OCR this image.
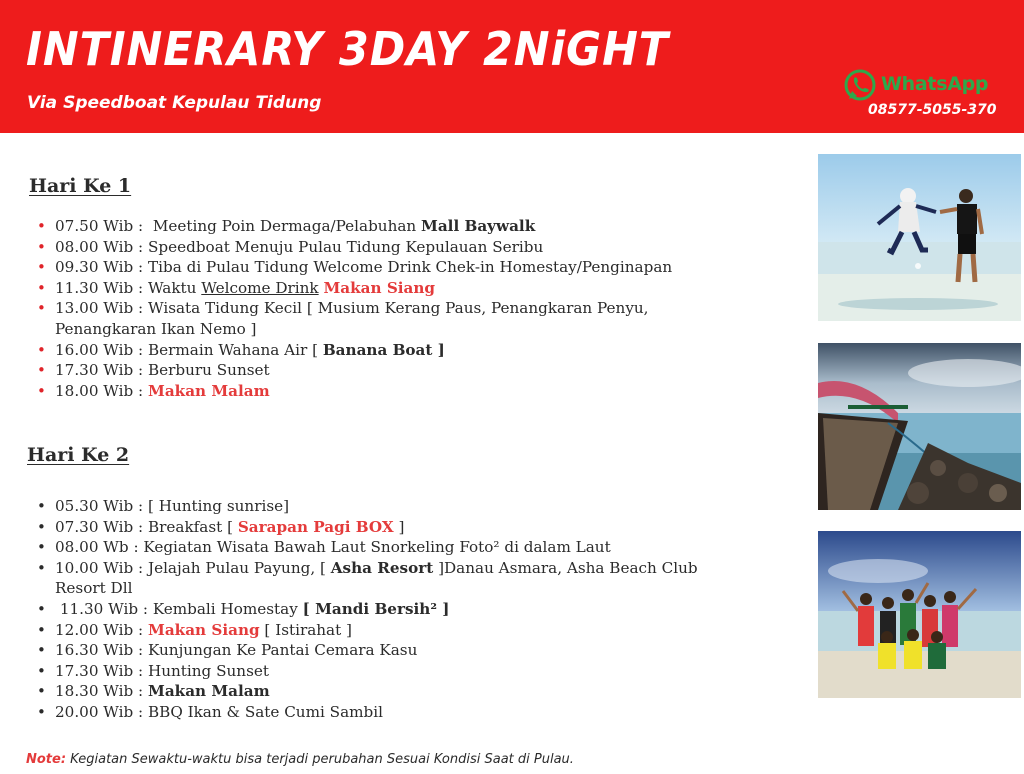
INTINERARY 3DAY 2NiGHT
Via Speedboat Kepulau Tidung
WhatsApp
08577-5055-370
Hari Ke 1
• 07.50 Wib :  Meeting Poin Dermaga/Pelabuhan Mall Baywalk
• 08.00 Wib : Speedboat Menuju Pulau Tidung Kepulauan Seribu
• 09.30 Wib : Tiba di Pulau Tidung Welcome Drink Chek-in Homestay/Penginapan
• 11.30 Wib : Waktu Welcome Drink Makan Siang
• 13.00 Wib : Wisata Tidung Kecil [ Musium Kerang Paus, Penangkaran Penyu, Penangkaran Ikan Nemo ]
• 16.00 Wib : Bermain Wahana Air [ Banana Boat ]
• 17.30 Wib : Berburu Sunset
• 18.00 Wib : Makan Malam
Hari Ke 2
• 05.30 Wib : [ Hunting sunrise]
• 07.30 Wib : Breakfast [ Sarapan Pagi BOX ]
• 08.00 Wb : Kegiatan Wisata Bawah Laut Snorkeling Foto² di dalam Laut
• 10.00 Wib : Jelajah Pulau Payung, [ Asha Resort ]Danau Asmara, Asha Beach Club Resort Dll
• 11.30 Wib : Kembali Homestay [ Mandi Bersih² ]
• 12.00 Wib : Makan Siang [ Istirahat ]
• 16.30 Wib : Kunjungan Ke Pantai Cemara Kasu
• 17.30 Wib : Hunting Sunset
• 18.30 Wib : Makan Malam
• 20.00 Wib : BBQ Ikan & Sate Cumi Sambil
Note: Kegiatan Sewaktu-waktu bisa terjadi perubahan Sesuai Kondisi Saat di Pulau.
